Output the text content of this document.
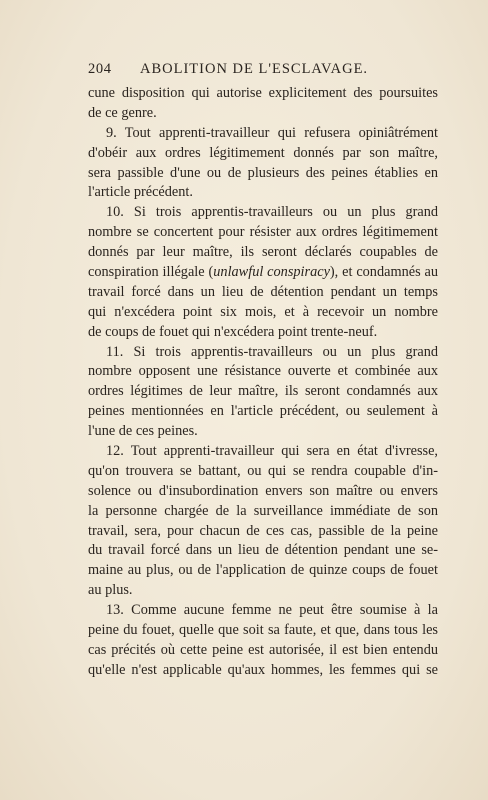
204 ABOLITION DE L'ESCLAVAGE.
cune disposition qui autorise explicitement des poursuites
de ce genre.
9. Tout apprenti-travailleur qui refusera opiniâtrément
d'obéir aux ordres légitimement donnés par son maître,
sera passible d'une ou de plusieurs des peines établies en
l'article précédent.
10. Si trois apprentis-travailleurs ou un plus grand
nombre se concertent pour résister aux ordres légitimement
donnés par leur maître, ils seront déclarés coupables de
conspiration illégale (unlawful conspiracy), et condamnés au
travail forcé dans un lieu de détention pendant un temps
qui n'excédera point six mois, et à recevoir un nombre
de coups de fouet qui n'excédera point trente-neuf.
11. Si trois apprentis-travailleurs ou un plus grand
nombre opposent une résistance ouverte et combinée aux
ordres légitimes de leur maître, ils seront condamnés aux
peines mentionnées en l'article précédent, ou seulement à
l'une de ces peines.
12. Tout apprenti-travailleur qui sera en état d'ivresse,
qu'on trouvera se battant, ou qui se rendra coupable d'in-
solence ou d'insubordination envers son maître ou envers
la personne chargée de la surveillance immédiate de son
travail, sera, pour chacun de ces cas, passible de la peine
du travail forcé dans un lieu de détention pendant une se-
maine au plus, ou de l'application de quinze coups de fouet
au plus.
13. Comme aucune femme ne peut être soumise à la
peine du fouet, quelle que soit sa faute, et que, dans tous les
cas précités où cette peine est autorisée, il est bien entendu
qu'elle n'est applicable qu'aux hommes, les femmes qui se
